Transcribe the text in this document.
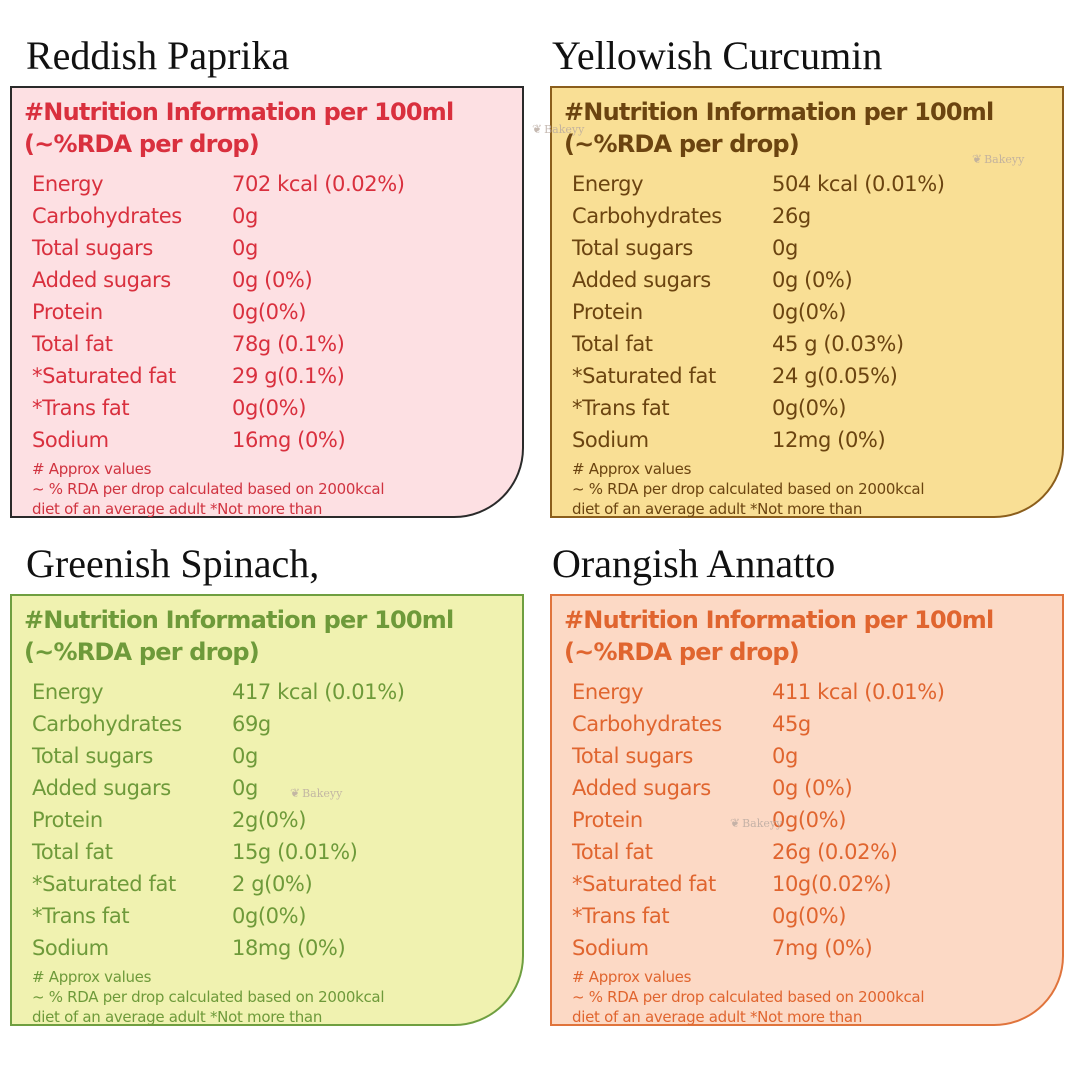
Reddish Paprika
#Nutrition Information per 100ml
(~%RDA per drop)
Energy	702 kcal (0.02%)
Carbohydrates	0g
Total sugars	0g
Added sugars	0g (0%)
Protein	0g(0%)
Total fat	78g (0.1%)
*Saturated fat	29 g(0.1%)
*Trans fat	0g(0%)
Sodium	16mg (0%)
# Approx values
~ % RDA per drop calculated based on 2000kcal
diet of an average adult *Not more than
Yellowish Curcumin
#Nutrition Information per 100ml
(~%RDA per drop)
Energy	504 kcal (0.01%)
Carbohydrates	26g
Total sugars	0g
Added sugars	0g (0%)
Protein	0g(0%)
Total fat	45 g (0.03%)
*Saturated fat	24 g(0.05%)
*Trans fat	0g(0%)
Sodium	12mg (0%)
# Approx values
~ % RDA per drop calculated based on 2000kcal
diet of an average adult *Not more than
Greenish Spinach,
#Nutrition Information per 100ml
(~%RDA per drop)
Energy	417 kcal (0.01%)
Carbohydrates	69g
Total sugars	0g
Added sugars	0g
Protein	2g(0%)
Total fat	15g (0.01%)
*Saturated fat	2 g(0%)
*Trans fat	0g(0%)
Sodium	18mg (0%)
# Approx values
~ % RDA per drop calculated based on 2000kcal
diet of an average adult *Not more than
Orangish Annatto
#Nutrition Information per 100ml
(~%RDA per drop)
Energy	411 kcal (0.01%)
Carbohydrates	45g
Total sugars	0g
Added sugars	0g (0%)
Protein	0g(0%)
Total fat	26g (0.02%)
*Saturated fat	10g(0.02%)
*Trans fat	0g(0%)
Sodium	7mg (0%)
# Approx values
~ % RDA per drop calculated based on 2000kcal
diet of an average adult *Not more than
❦ Bakeyy
❦ Bakeyy
❦ Bakeyy
❦ Bakeyy
